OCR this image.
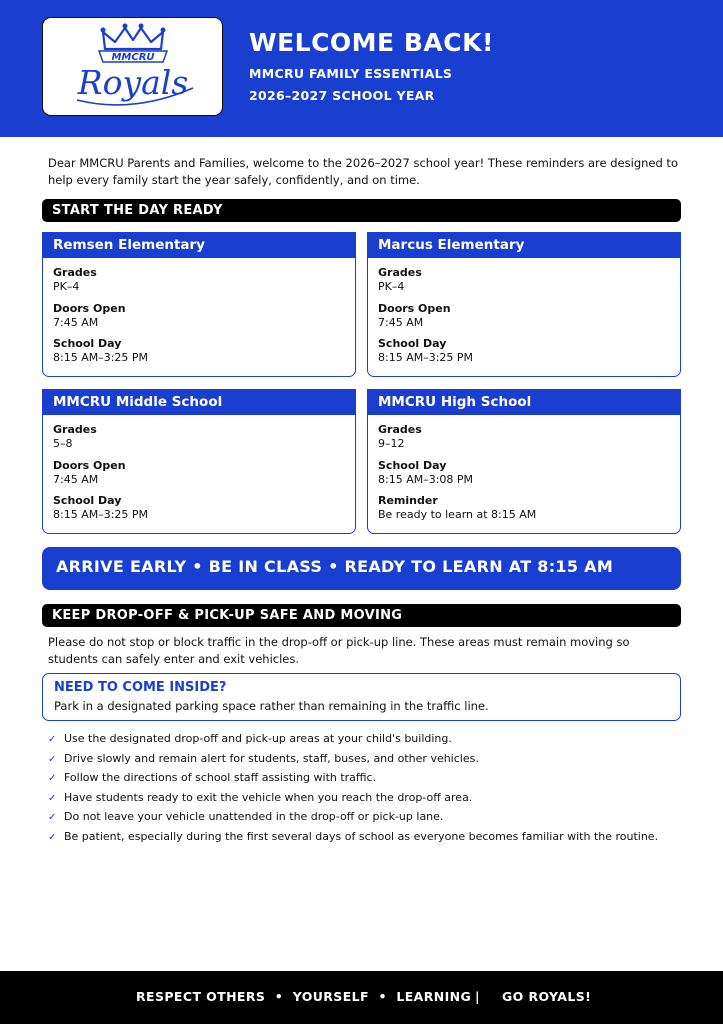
MMCRU
Royals
WELCOME BACK!
MMCRU FAMILY ESSENTIALS
2026–2027 SCHOOL YEAR

Dear MMCRU Parents and Families, welcome to the 2026–2027 school year! These reminders are designed to help every family start the year safely, confidently, and on time.

START THE DAY READY
Remsen Elementary
Grades
PK–4
Doors Open
7:45 AM
School Day
8:15 AM–3:25 PM
Marcus Elementary
Grades
PK–4
Doors Open
7:45 AM
School Day
8:15 AM–3:25 PM
MMCRU Middle School
Grades
5–8
Doors Open
7:45 AM
School Day
8:15 AM–3:25 PM
MMCRU High School
Grades
9–12
School Day
8:15 AM–3:08 PM
Reminder
Be ready to learn at 8:15 AM
ARRIVE EARLY • BE IN CLASS • READY TO LEARN AT 8:15 AM
KEEP DROP-OFF & PICK-UP SAFE AND MOVING

Please do not stop or block traffic in the drop-off or pick-up line. These areas must remain moving so students can safely enter and exit vehicles.

NEED TO COME INSIDE?
Park in a designated parking space rather than remaining in the traffic line.
✓ Use the designated drop-off and pick-up areas at your child's building.
✓ Drive slowly and remain alert for students, staff, buses, and other vehicles.
✓ Follow the directions of school staff assisting with traffic.
✓ Have students ready to exit the vehicle when you reach the drop-off area.
✓ Do not leave your vehicle unattended in the drop-off or pick-up lane.
✓ Be patient, especially during the first several days of school as everyone becomes familiar with the routine.
RESPECT OTHERS  •  YOURSELF  •  LEARNING | GO ROYALS!
